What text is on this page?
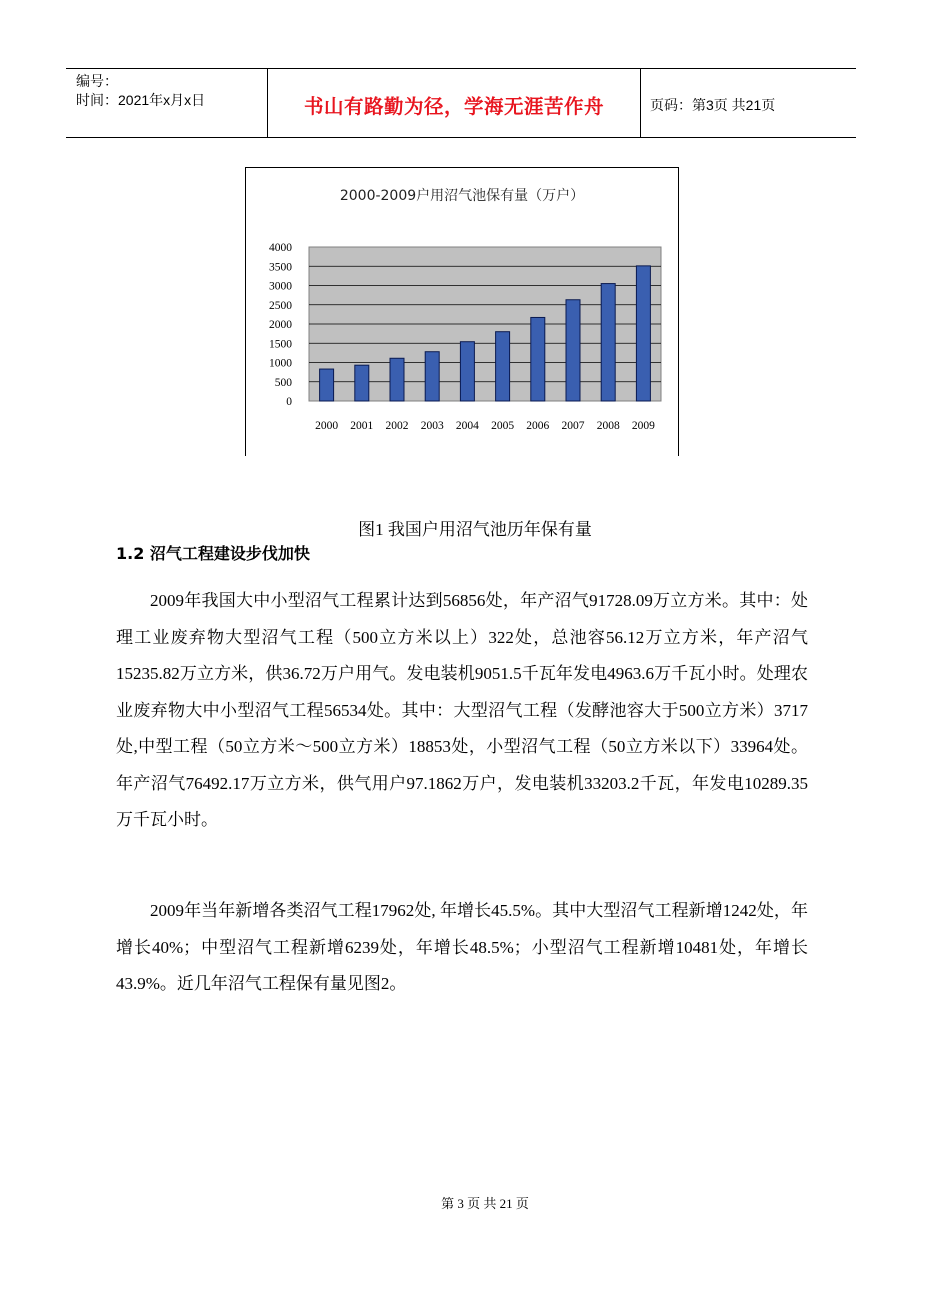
编号：
时间：2021年x月x日	书山有路勤为径，学海无涯苦作舟	页码：第3页 共21页
2000-2009户用沼气池保有量（万户）
0
500
1000
1500
2000
2500
3000
3500
4000
2000 2001 2002 2003 2004 2005 2006 2007 2008 2009
图1 我国户用沼气池历年保有量
1.2 沼气工程建设步伐加快

2009年我国大中小型沼气工程累计达到56856处，年产沼气91728.09万立方米。其中：处理工业废弃物大型沼气工程（500立方米以上）322处，总池容56.12万立方米，年产沼气15235.82万立方米，供36.72万户用气。发电装机9051.5千瓦年发电4963.6万千瓦小时。处理农业废弃物大中小型沼气工程56534处。其中：大型沼气工程（发酵池容大于500立方米）3717处,中型工程（50立方米～500立方米）18853处，小型沼气工程（50立方米以下）33964处。年产沼气76492.17万立方米，供气用户97.1862万户，发电装机33203.2千瓦，年发电10289.35万千瓦小时。

2009年当年新增各类沼气工程17962处, 年增长45.5%。其中大型沼气工程新增1242处，年增长40%；中型沼气工程新增6239处，年增长48.5%；小型沼气工程新增10481处，年增长43.9%。近几年沼气工程保有量见图2。

第 3 页 共 21 页
